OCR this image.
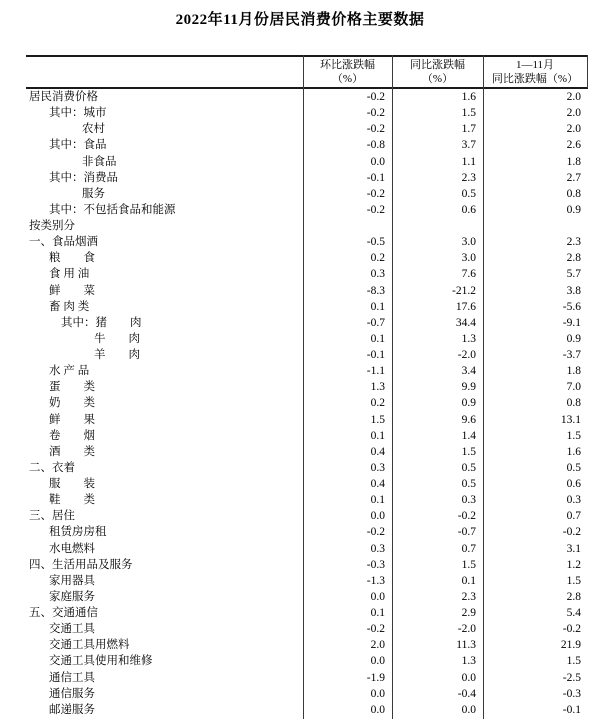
2022年11月份居民消费价格主要数据
环比涨跌幅
（%）
同比涨跌幅
（%）
1—11月
同比涨跌幅（%）
居民消费价格	-0.2	1.6	2.0
其中：城市	-0.2	1.5	2.0
农村	-0.2	1.7	2.0
其中：食品	-0.8	3.7	2.6
非食品	0.0	1.1	1.8
其中：消费品	-0.1	2.3	2.7
服务	-0.2	0.5	0.8
其中：不包括食品和能源	-0.2	0.6	0.9
按类别分
一、食品烟酒	-0.5	3.0	2.3
粮　　食	0.2	3.0	2.8
食 用 油	0.3	7.6	5.7
鲜　　菜	-8.3	-21.2	3.8
畜 肉 类	0.1	17.6	-5.6
其中：猪　　肉	-0.7	34.4	-9.1
牛　　肉	0.1	1.3	0.9
羊　　肉	-0.1	-2.0	-3.7
水 产 品	-1.1	3.4	1.8
蛋　　类	1.3	9.9	7.0
奶　　类	0.2	0.9	0.8
鲜　　果	1.5	9.6	13.1
卷　　烟	0.1	1.4	1.5
酒　　类	0.4	1.5	1.6
二、衣着	0.3	0.5	0.5
服　　装	0.4	0.5	0.6
鞋　　类	0.1	0.3	0.3
三、居住	0.0	-0.2	0.7
租赁房房租	-0.2	-0.7	-0.2
水电燃料	0.3	0.7	3.1
四、生活用品及服务	-0.3	1.5	1.2
家用器具	-1.3	0.1	1.5
家庭服务	0.0	2.3	2.8
五、交通通信	0.1	2.9	5.4
交通工具	-0.2	-2.0	-0.2
交通工具用燃料	2.0	11.3	21.9
交通工具使用和维修	0.0	1.3	1.5
通信工具	-1.9	0.0	-2.5
通信服务	0.0	-0.4	-0.3
邮递服务	0.0	0.0	-0.1
